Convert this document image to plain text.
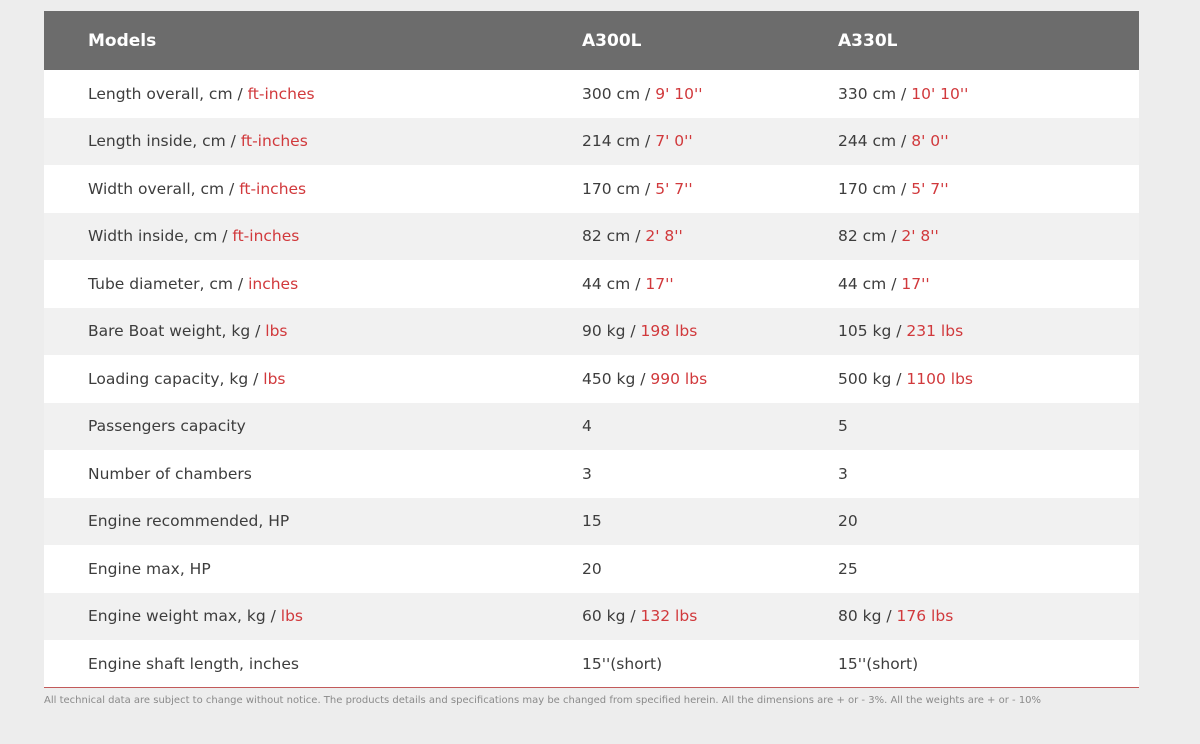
Models	A300L	A330L
Length overall, cm / ft-inches	300 cm / 9' 10''	330 cm / 10' 10''
Length inside, cm / ft-inches	214 cm / 7' 0''	244 cm / 8' 0''
Width overall, cm / ft-inches	170 cm / 5' 7''	170 cm / 5' 7''
Width inside, cm / ft-inches	82 cm / 2' 8''	82 cm / 2' 8''
Tube diameter, cm / inches	44 cm / 17''	44 cm / 17''
Bare Boat weight, kg / lbs	90 kg / 198 lbs	105 kg / 231 lbs
Loading capacity, kg / lbs	450 kg / 990 lbs	500 kg / 1100 lbs
Passengers capacity	4	5
Number of chambers	3	3
Engine recommended, HP	15	20
Engine max, HP	20	25
Engine weight max, kg / lbs	60 kg / 132 lbs	80 kg / 176 lbs
Engine shaft length, inches	15''(short)	15''(short)
All technical data are subject to change without notice. The products details and specifications may be changed from specified herein. All the dimensions are + or - 3%. All the weights are + or - 10%
